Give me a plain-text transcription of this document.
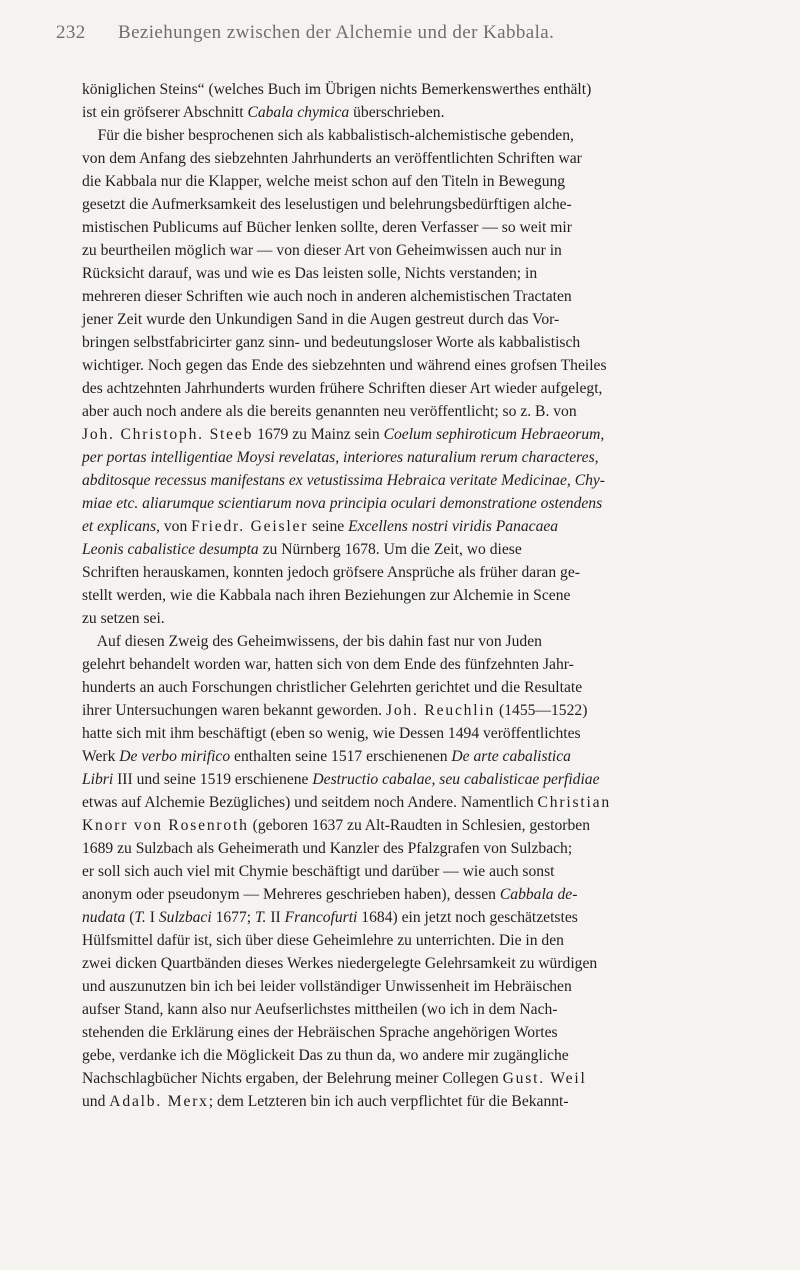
232 Beziehungen zwischen der Alchemie und der Kabbala.
königlichen Steins“ (welches Buch im Übrigen nichts Bemerkenswerthes enthält)
ist ein gröfserer Abschnitt Cabala chymica überschrieben.
Für die bisher besprochenen sich als kabbalistisch-alchemistische gebenden,
von dem Anfang des siebzehnten Jahrhunderts an veröffentlichten Schriften war
die Kabbala nur die Klapper, welche meist schon auf den Titeln in Bewegung
gesetzt die Aufmerksamkeit des leselustigen und belehrungsbedürftigen alche-
mistischen Publicums auf Bücher lenken sollte, deren Verfasser — so weit mir
zu beurtheilen möglich war — von dieser Art von Geheimwissen auch nur in
Rücksicht darauf, was und wie es Das leisten solle, Nichts verstanden; in
mehreren dieser Schriften wie auch noch in anderen alchemistischen Tractaten
jener Zeit wurde den Unkundigen Sand in die Augen gestreut durch das Vor-
bringen selbstfabricirter ganz sinn- und bedeutungsloser Worte als kabbalistisch
wichtiger. Noch gegen das Ende des siebzehnten und während eines grofsen Theiles
des achtzehnten Jahrhunderts wurden frühere Schriften dieser Art wieder aufgelegt,
aber auch noch andere als die bereits genannten neu veröffentlicht; so z. B. von
Joh. Christoph. Steeb 1679 zu Mainz sein Coelum sephiroticum Hebraeorum,
per portas intelligentiae Moysi revelatas, interiores naturalium rerum characteres,
abditosque recessus manifestans ex vetustissima Hebraica veritate Medicinae, Chy-
miae etc. aliarumque scientiarum nova principia oculari demonstratione ostendens
et explicans, von Friedr. Geisler seine Excellens nostri viridis Panacaea
Leonis cabalistice desumpta zu Nürnberg 1678. Um die Zeit, wo diese
Schriften herauskamen, konnten jedoch gröfsere Ansprüche als früher daran ge-
stellt werden, wie die Kabbala nach ihren Beziehungen zur Alchemie in Scene
zu setzen sei.
Auf diesen Zweig des Geheimwissens, der bis dahin fast nur von Juden
gelehrt behandelt worden war, hatten sich von dem Ende des fünfzehnten Jahr-
hunderts an auch Forschungen christlicher Gelehrten gerichtet und die Resultate
ihrer Untersuchungen waren bekannt geworden. Joh. Reuchlin (1455—1522)
hatte sich mit ihm beschäftigt (eben so wenig, wie Dessen 1494 veröffentlichtes
Werk De verbo mirifico enthalten seine 1517 erschienenen De arte cabalistica
Libri III und seine 1519 erschienene Destructio cabalae, seu cabalisticae perfidiae
etwas auf Alchemie Bezügliches) und seitdem noch Andere. Namentlich Christian
Knorr von Rosenroth (geboren 1637 zu Alt-Raudten in Schlesien, gestorben
1689 zu Sulzbach als Geheimerath und Kanzler des Pfalzgrafen von Sulzbach;
er soll sich auch viel mit Chymie beschäftigt und darüber — wie auch sonst
anonym oder pseudonym — Mehreres geschrieben haben), dessen Cabbala de-
nudata (T. I Sulzbaci 1677; T. II Francofurti 1684) ein jetzt noch geschätzetstes
Hülfsmittel dafür ist, sich über diese Geheimlehre zu unterrichten. Die in den
zwei dicken Quartbänden dieses Werkes niedergelegte Gelehrsamkeit zu würdigen
und auszunutzen bin ich bei leider vollständiger Unwissenheit im Hebräischen
aufser Stand, kann also nur Aeufserlichstes mittheilen (wo ich in dem Nach-
stehenden die Erklärung eines der Hebräischen Sprache angehörigen Wortes
gebe, verdanke ich die Möglickeit Das zu thun da, wo andere mir zugängliche
Nachschlagbücher Nichts ergaben, der Belehrung meiner Collegen Gust. Weil
und Adalb. Merx; dem Letzteren bin ich auch verpflichtet für die Bekannt-
